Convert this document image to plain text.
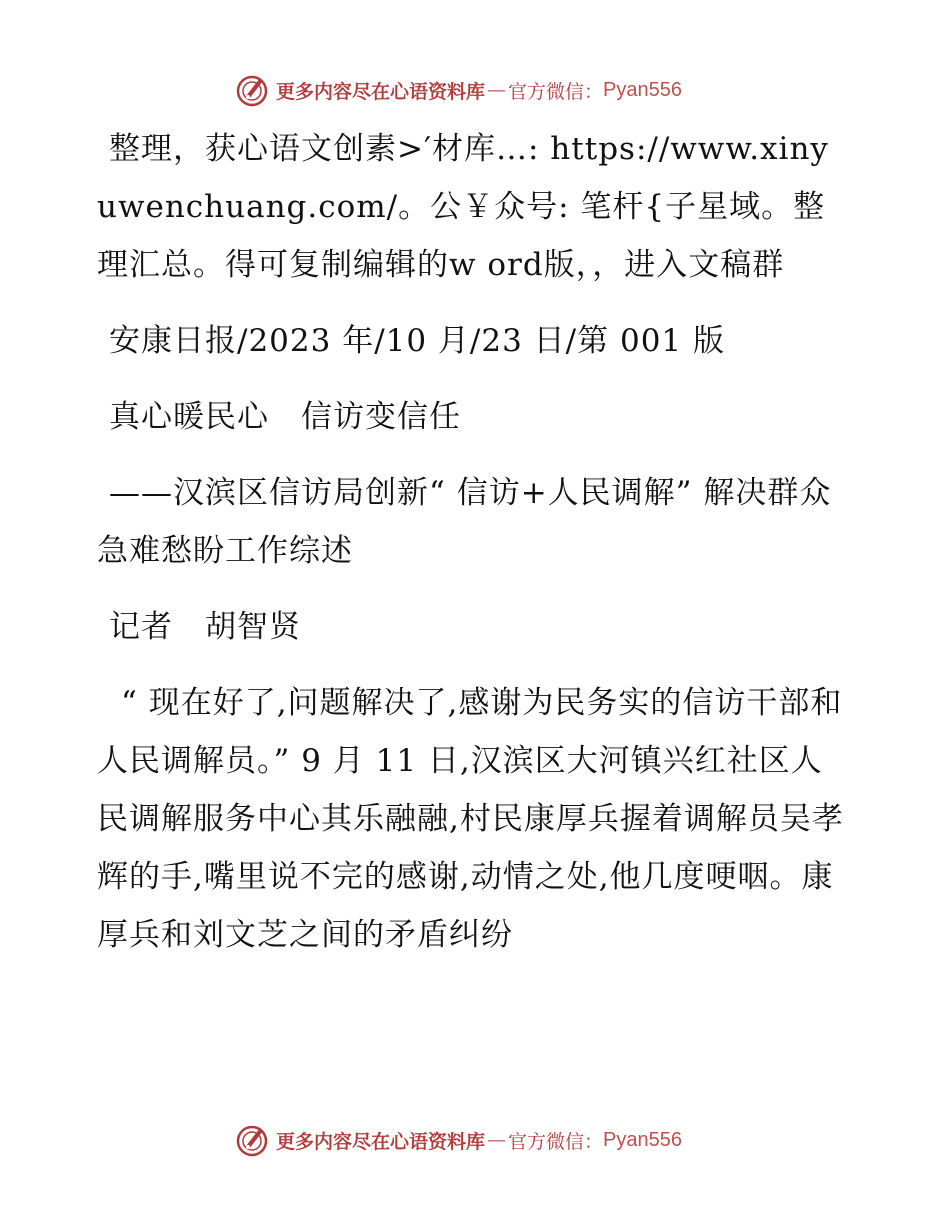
更多内容尽在心语资料库 — 官方微信： Pyan556

整理，获心语文创素>′材库…: https://www.xinyuwenchuang.com/。公￥众号: 笔杆{子星域。整理汇总。得可复制编辑的w ord版，，进入文稿群

安康日报/2023 年/10 月/23 日/第 001 版

真心暖民心　信访变信任

——汉滨区信访局创新“ 信访+人民调解” 解决群众急难愁盼工作综述

记者　胡智贤

“ 现在好了,问题解决了,感谢为民务实的信访干部和人民调解员。” 9 月 11 日,汉滨区大河镇兴红社区人民调解服务中心其乐融融,村民康厚兵握着调解员吴孝辉的手,嘴里说不完的感谢,动情之处,他几度哽咽。康厚兵和刘文芝之间的矛盾纠纷

更多内容尽在心语资料库 — 官方微信： Pyan556
